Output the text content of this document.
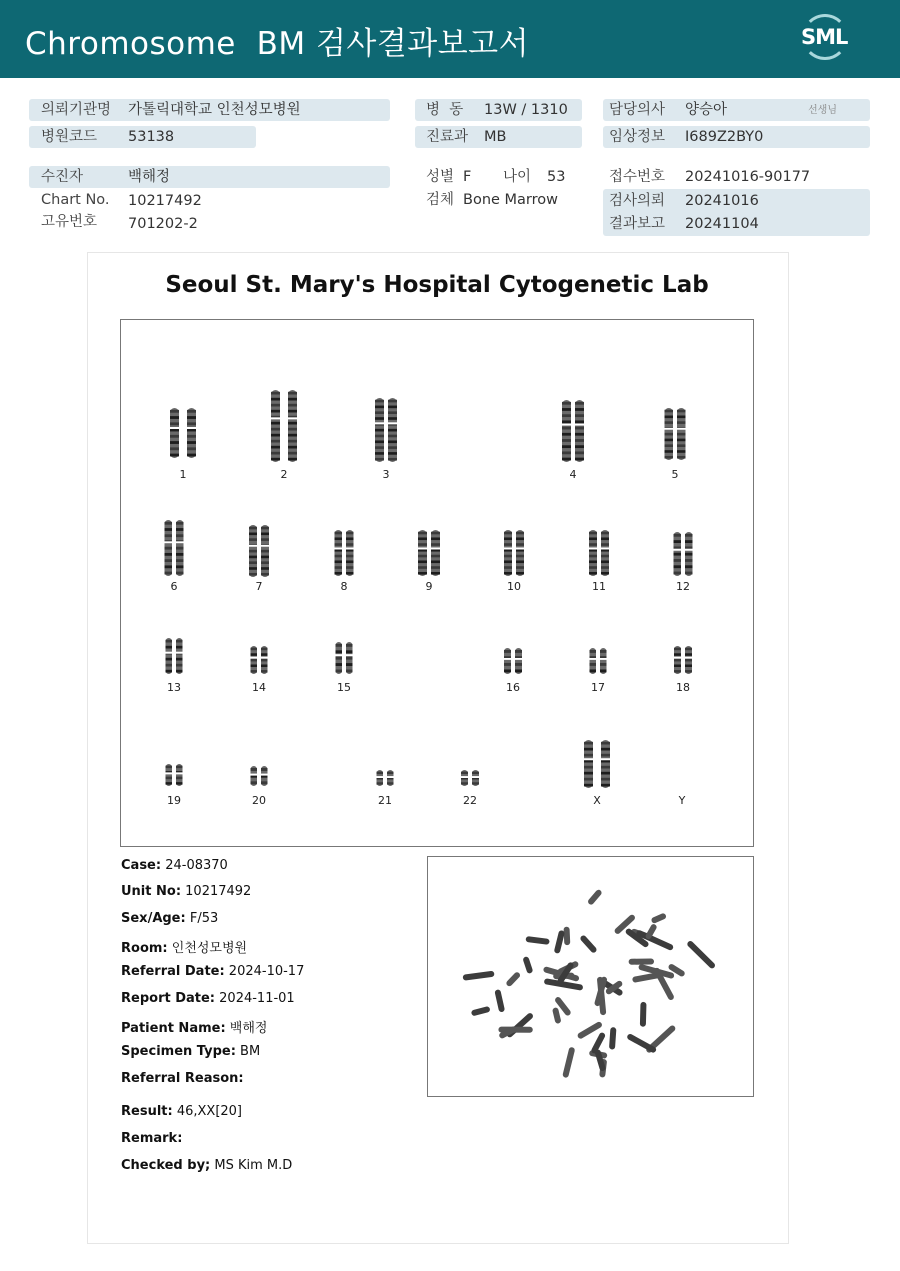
Chromosome  BM 검사결과보고서	SML
의뢰기관명 가톨릭대학교 인천성모병원	병  동 13W / 1310	담당의사 양승아	선생님
병원코드 53138	진료과 MB	임상정보 I689Z2BY0
수진자	백해정	성별 F 나이 53	접수번호 20241016-90177
Chart No. 10217492	검체 Bone Marrow	검사의뢰 20241016
고유번호 701202-2	결과보고 20241104
Seoul St. Mary's Hospital Cytogenetic Lab
1	2	3	4	5
6	7	8	9	10	11	12
13	14	15	16	17	18
19	20	21	22	X	Y
Case: 24-08370
Unit No: 10217492
Sex/Age: F/53
Room: 인천성모병원
Referral Date: 2024-10-17
Report Date: 2024-11-01
Patient Name: 백해정
Specimen Type: BM
Referral Reason:
Result: 46,XX[20]
Remark:
Checked by; MS Kim M.D
